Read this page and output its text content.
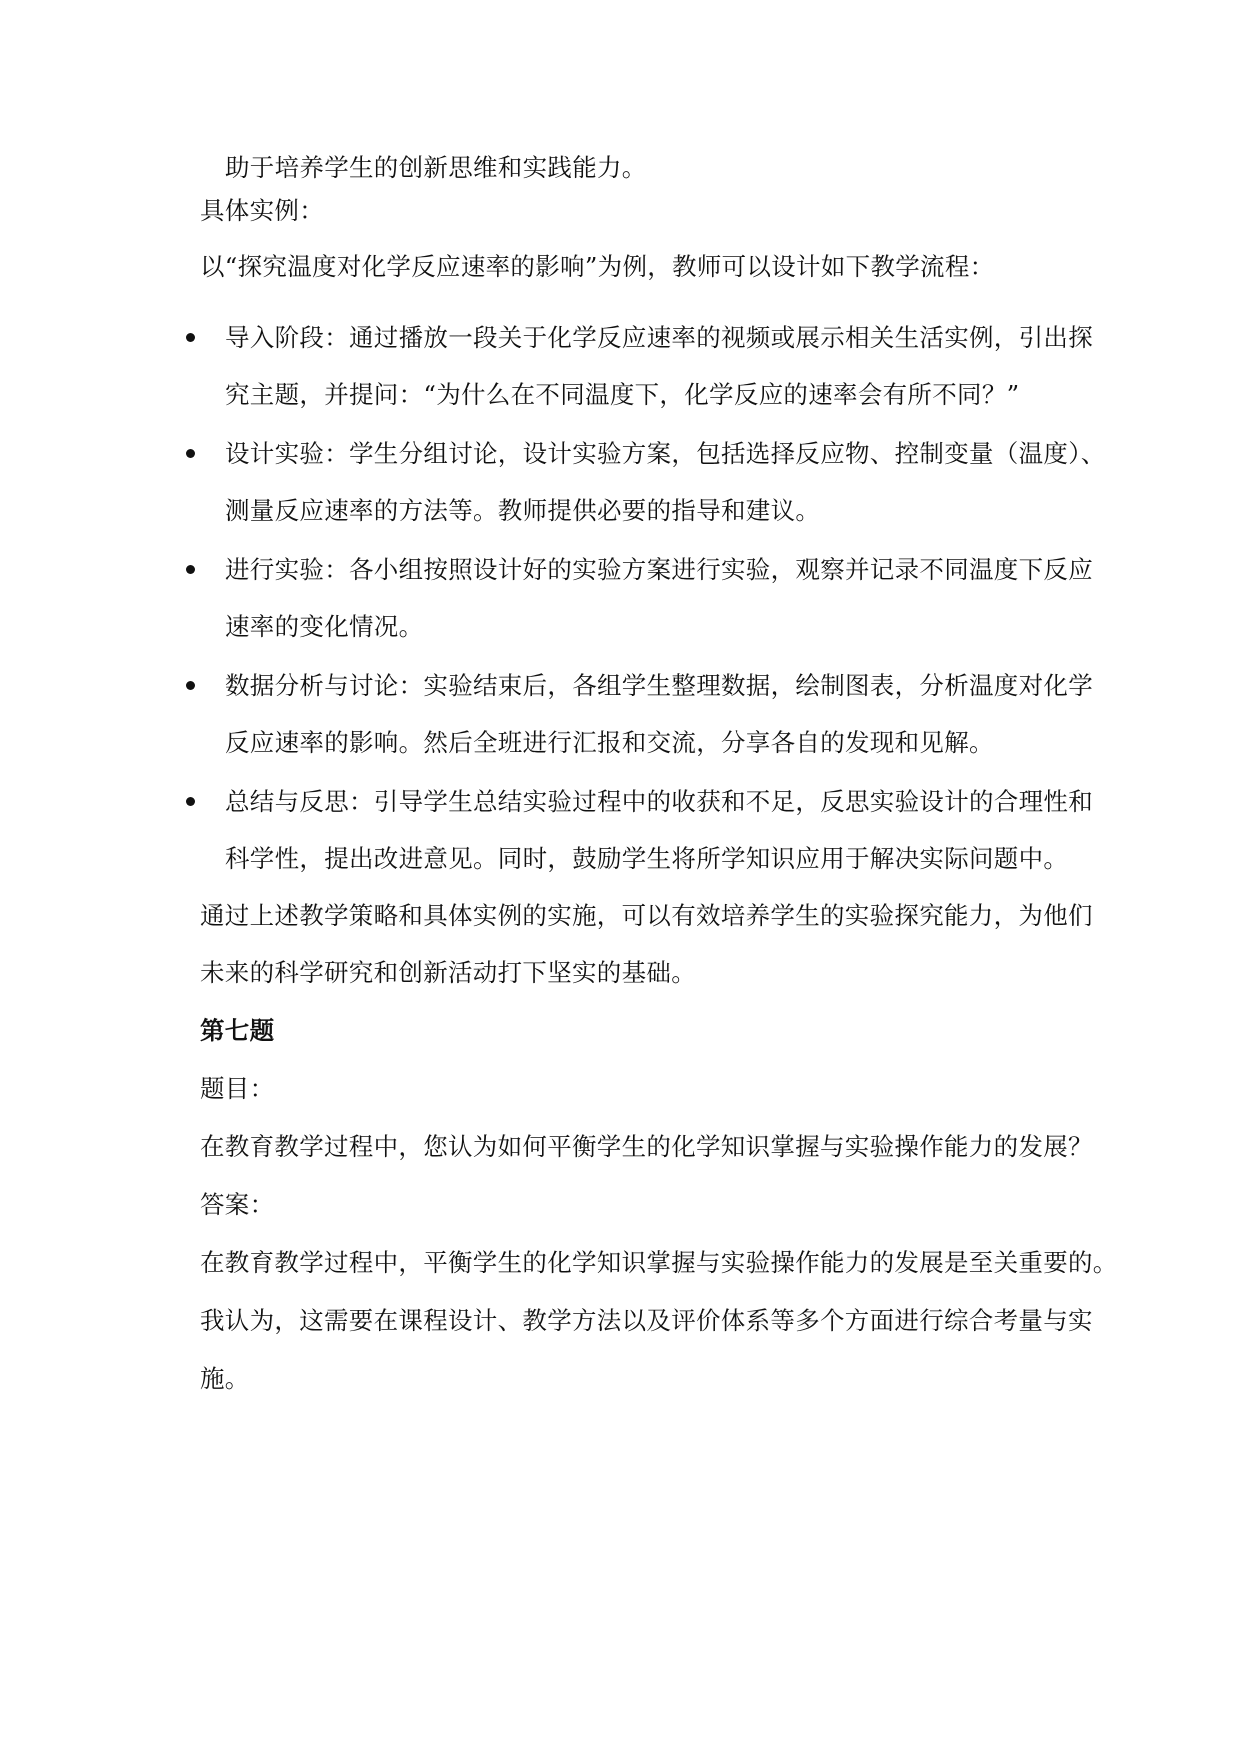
助于培养学生的创新思维和实践能力。
具体实例：
以“探究温度对化学反应速率的影响”为例，教师可以设计如下教学流程：
导入阶段：通过播放一段关于化学反应速率的视频或展示相关生活实例，引出探
究主题，并提问：“为什么在不同温度下，化学反应的速率会有所不同？”
设计实验：学生分组讨论，设计实验方案，包括选择反应物、控制变量（温度）、
测量反应速率的方法等。教师提供必要的指导和建议。
进行实验：各小组按照设计好的实验方案进行实验，观察并记录不同温度下反应
速率的变化情况。
数据分析与讨论：实验结束后，各组学生整理数据，绘制图表，分析温度对化学
反应速率的影响。然后全班进行汇报和交流，分享各自的发现和见解。
总结与反思：引导学生总结实验过程中的收获和不足，反思实验设计的合理性和
科学性，提出改进意见。同时，鼓励学生将所学知识应用于解决实际问题中。
通过上述教学策略和具体实例的实施，可以有效培养学生的实验探究能力，为他们
未来的科学研究和创新活动打下坚实的基础。
第七题
题目：
在教育教学过程中，您认为如何平衡学生的化学知识掌握与实验操作能力的发展？
答案：
在教育教学过程中，平衡学生的化学知识掌握与实验操作能力的发展是至关重要的。
我认为，这需要在课程设计、教学方法以及评价体系等多个方面进行综合考量与实
施。
